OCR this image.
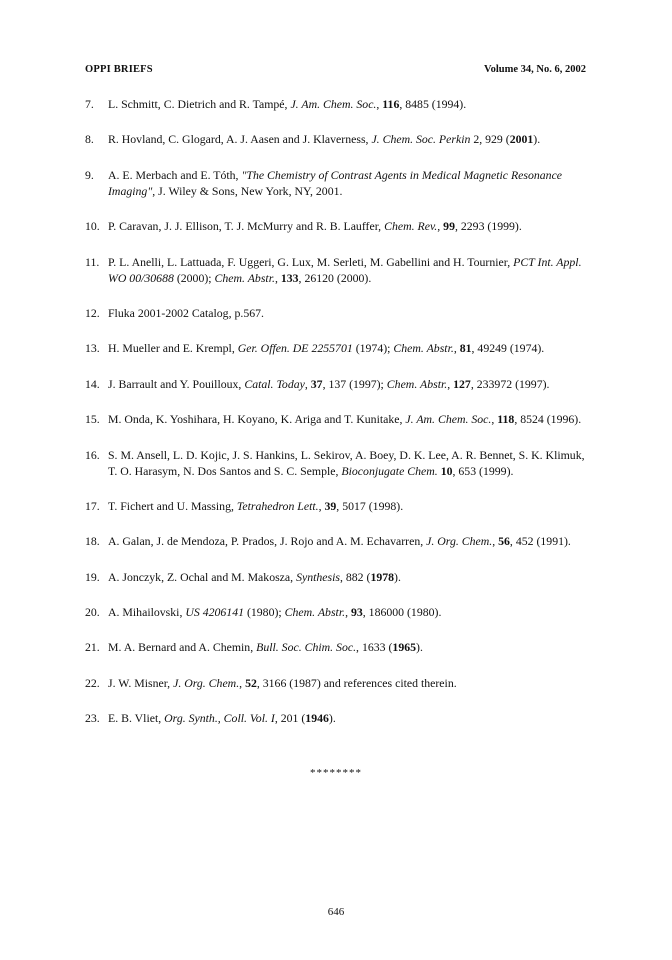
OPPI BRIEFS	Volume 34, No. 6, 2002
7. L. Schmitt, C. Dietrich and R. Tampé, J. Am. Chem. Soc., 116, 8485 (1994).
8. R. Hovland, C. Glogard, A. J. Aasen and J. Klaverness, J. Chem. Soc. Perkin 2, 929 (2001).
9. A. E. Merbach and E. Tóth, "The Chemistry of Contrast Agents in Medical Magnetic Resonance Imaging", J. Wiley & Sons, New York, NY, 2001.
10. P. Caravan, J. J. Ellison, T. J. McMurry and R. B. Lauffer, Chem. Rev., 99, 2293 (1999).
11. P. L. Anelli, L. Lattuada, F. Uggeri, G. Lux, M. Serleti, M. Gabellini and H. Tournier, PCT Int. Appl. WO 00/30688 (2000); Chem. Abstr., 133, 26120 (2000).
12. Fluka 2001-2002 Catalog, p.567.
13. H. Mueller and E. Krempl, Ger. Offen. DE 2255701 (1974); Chem. Abstr., 81, 49249 (1974).
14. J. Barrault and Y. Pouilloux, Catal. Today, 37, 137 (1997); Chem. Abstr., 127, 233972 (1997).
15. M. Onda, K. Yoshihara, H. Koyano, K. Ariga and T. Kunitake, J. Am. Chem. Soc., 118, 8524 (1996).
16. S. M. Ansell, L. D. Kojic, J. S. Hankins, L. Sekirov, A. Boey, D. K. Lee, A. R. Bennet, S. K. Klimuk, T. O. Harasym, N. Dos Santos and S. C. Semple, Bioconjugate Chem. 10, 653 (1999).
17. T. Fichert and U. Massing, Tetrahedron Lett., 39, 5017 (1998).
18. A. Galan, J. de Mendoza, P. Prados, J. Rojo and A. M. Echavarren, J. Org. Chem., 56, 452 (1991).
19. A. Jonczyk, Z. Ochal and M. Makosza, Synthesis, 882 (1978).
20. A. Mihailovski, US 4206141 (1980); Chem. Abstr., 93, 186000 (1980).
21. M. A. Bernard and A. Chemin, Bull. Soc. Chim. Soc., 1633 (1965).
22. J. W. Misner, J. Org. Chem., 52, 3166 (1987) and references cited therein.
23. E. B. Vliet, Org. Synth., Coll. Vol. I, 201 (1946).
********
646
